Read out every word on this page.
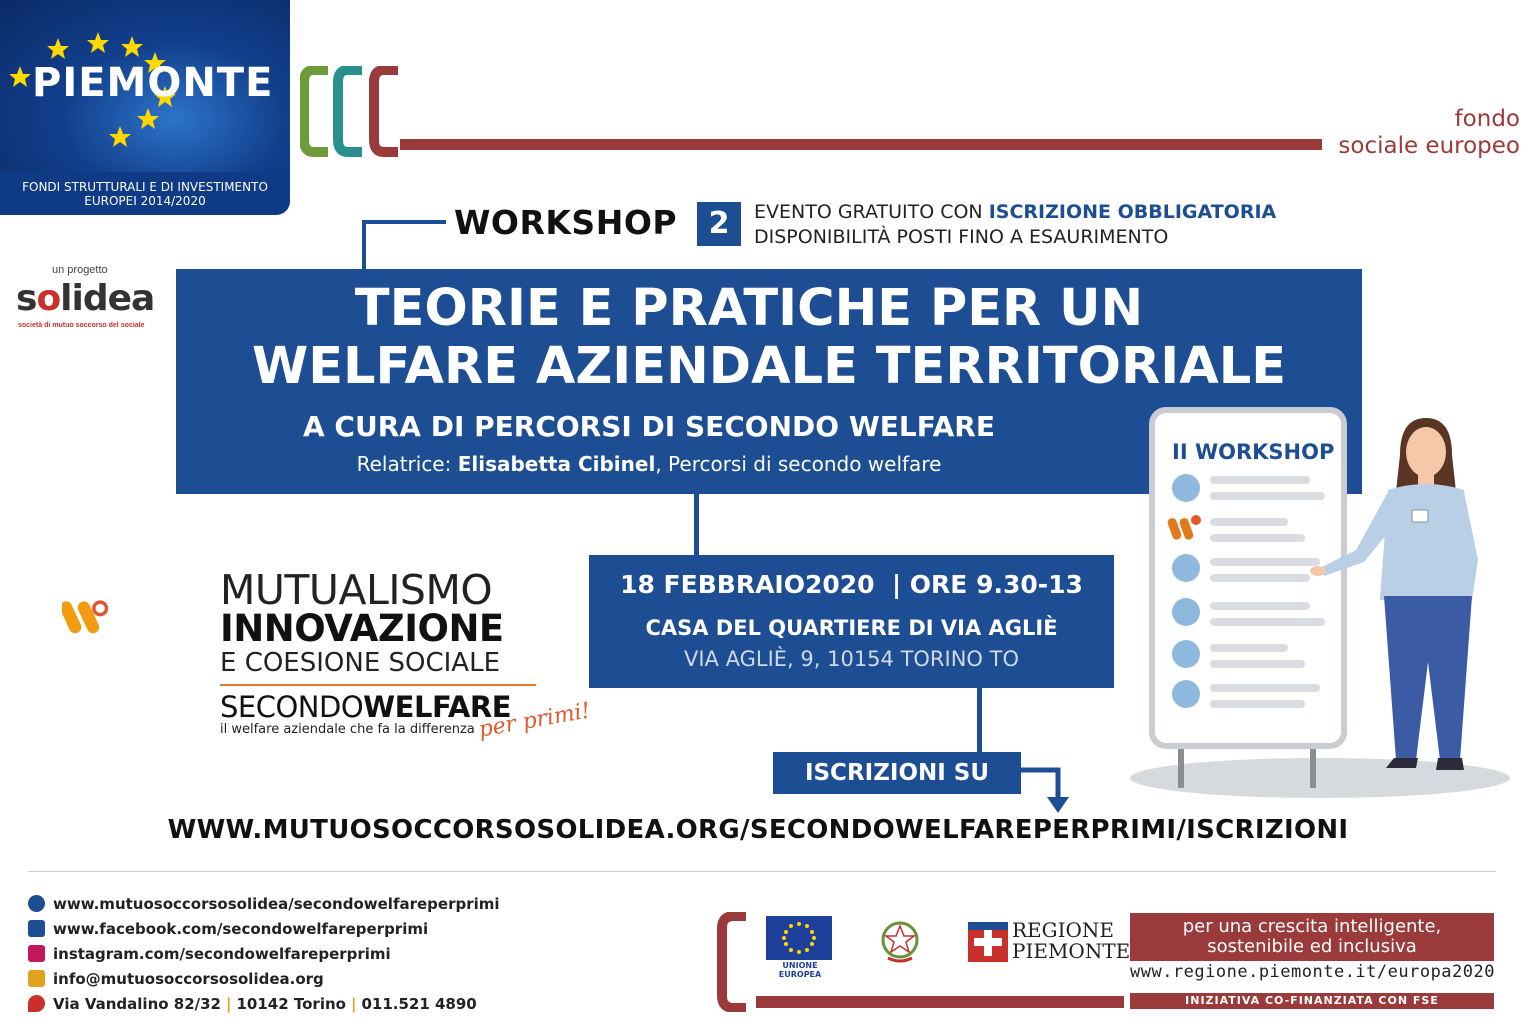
PIEMONTE
FONDI STRUTTURALI E DI INVESTIMENTO EUROPEI 2014/2020
fondo
sociale europeo
un progetto
solidea
società di mutuo soccorso del sociale
WORKSHOP	2	EVENTO GRATUITO CON ISCRIZIONE OBBLIGATORIA
DISPONIBILITÀ POSTI FINO A ESAURIMENTO
TEORIE E PRATICHE PER UN
WELFARE AZIENDALE TERRITORIALE
A CURA DI PERCORSI DI SECONDO WELFARE
Relatrice: Elisabetta Cibinel, Percorsi di secondo welfare
18 FEBBRAIO2020  | ORE 9.30-13
CASA DEL QUARTIERE DI VIA AGLIÈ
VIA AGLIÈ, 9, 10154 TORINO TO
ISCRIZIONI SU
WWW.MUTUOSOCCORSOSOLIDEA.ORG/SECONDOWELFAREPERPRIMI/ISCRIZIONI
MUTUALISMO
INNOVAZIONE
E COESIONE SOCIALE
SECONDOWELFARE
il welfare aziendale che fa la differenza per primi!
II WORKSHOP
www.mutuosoccorsosolidea/secondowelfareperprimi
www.facebook.com/secondowelfareperprimi
instagram.com/secondowelfareperprimi
info@mutuosoccorsosolidea.org
Via Vandalino 82/32 | 10142 Torino | 011.521 4890
UNIONE EUROPEA
REGIONE
PIEMONTE
per una crescita intelligente,
sostenibile ed inclusiva
www.regione.piemonte.it/europa2020
INIZIATIVA CO-FINANZIATA CON FSE
